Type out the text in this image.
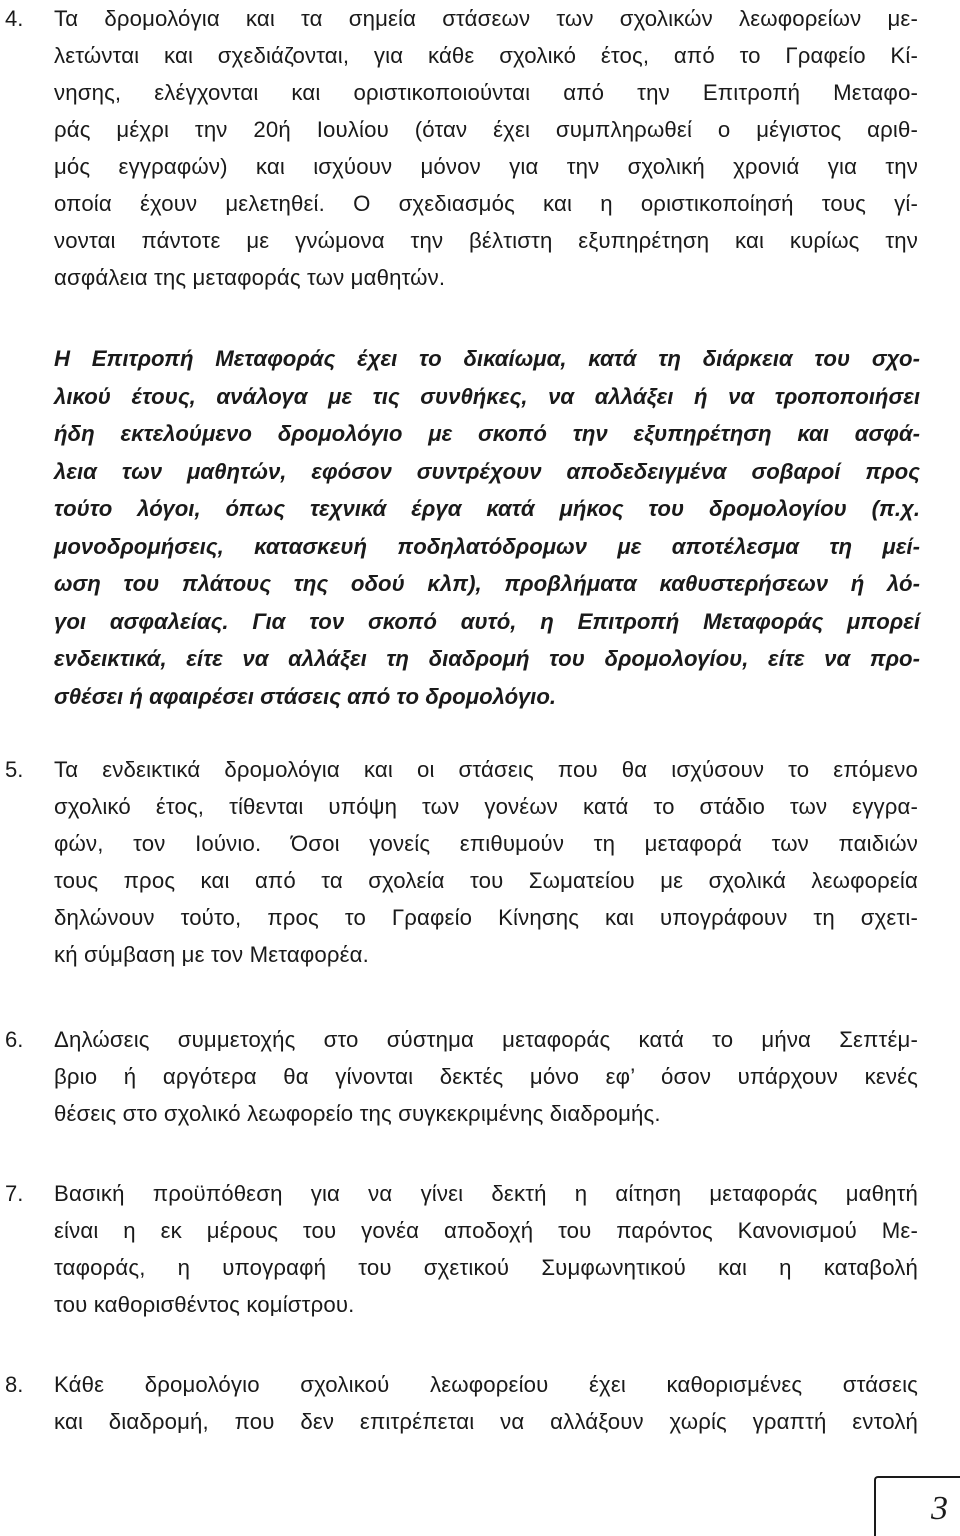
4. Τα δρομολόγια και τα σημεία στάσεων των σχολικών λεωφορείων με-
λετώνται και σχεδιάζονται, για κάθε σχολικό έτος, από το Γραφείο Κί-
νησης, ελέγχονται και οριστικοποιούνται από την Επιτροπή Μεταφο-
ράς μέχρι την 20ή Ιουλίου (όταν έχει συμπληρωθεί ο μέγιστος αριθ-
μός εγγραφών) και ισχύουν μόνον για την σχολική χρονιά για την
οποία έχουν μελετηθεί. Ο σχεδιασμός και η οριστικοποίησή τους γί-
νονται πάντοτε με γνώμονα την βέλτιστη εξυπηρέτηση και κυρίως την
ασφάλεια της μεταφοράς των μαθητών.
Η Επιτροπή Μεταφοράς έχει το δικαίωμα, κατά τη διάρκεια του σχο-
λικού έτους, ανάλογα με τις συνθήκες, να αλλάξει ή να τροποποιήσει
ήδη εκτελούμενο δρομολόγιο με σκοπό την εξυπηρέτηση και ασφά-
λεια των μαθητών, εφόσον συντρέχουν αποδεδειγμένα σοβαροί προς
τούτο λόγοι, όπως τεχνικά έργα κατά μήκος του δρομολογίου (π.χ.
μονοδρομήσεις, κατασκευή ποδηλατόδρομων με αποτέλεσμα τη μεί-
ωση του πλάτους της οδού κλπ), προβλήματα καθυστερήσεων ή λό-
γοι ασφαλείας. Για τον σκοπό αυτό, η Επιτροπή Μεταφοράς μπορεί
ενδεικτικά, είτε να αλλάξει τη διαδρομή του δρομολογίου, είτε να προ-
σθέσει ή αφαιρέσει στάσεις από το δρομολόγιο.
5. Τα ενδεικτικά δρομολόγια και οι στάσεις που θα ισχύσουν το επόμενο
σχολικό έτος, τίθενται υπόψη των γονέων κατά το στάδιο των εγγρα-
φών, τον Ιούνιο. Όσοι γονείς επιθυμούν τη μεταφορά των παιδιών
τους προς και από τα σχολεία του Σωματείου με σχολικά λεωφορεία
δηλώνουν τούτο, προς το Γραφείο Κίνησης και υπογράφουν τη σχετι-
κή σύμβαση με τον Μεταφορέα.
6. Δηλώσεις συμμετοχής στο σύστημα μεταφοράς κατά το μήνα Σεπτέμ-
βριο ή αργότερα θα γίνονται δεκτές μόνο εφ’ όσον υπάρχουν κενές
θέσεις στο σχολικό λεωφορείο της συγκεκριμένης διαδρομής.
7. Βασική προϋπόθεση για να γίνει δεκτή η αίτηση μεταφοράς μαθητή
είναι η εκ μέρους του γονέα αποδοχή του παρόντος Κανονισμού Με-
ταφοράς, η υπογραφή του σχετικού Συμφωνητικού και η καταβολή
του καθορισθέντος κομίστρου.
8. Κάθε δρομολόγιο σχολικού λεωφορείου έχει καθορισμένες στάσεις
και διαδρομή, που δεν επιτρέπεται να αλλάξουν χωρίς γραπτή εντολή
3
